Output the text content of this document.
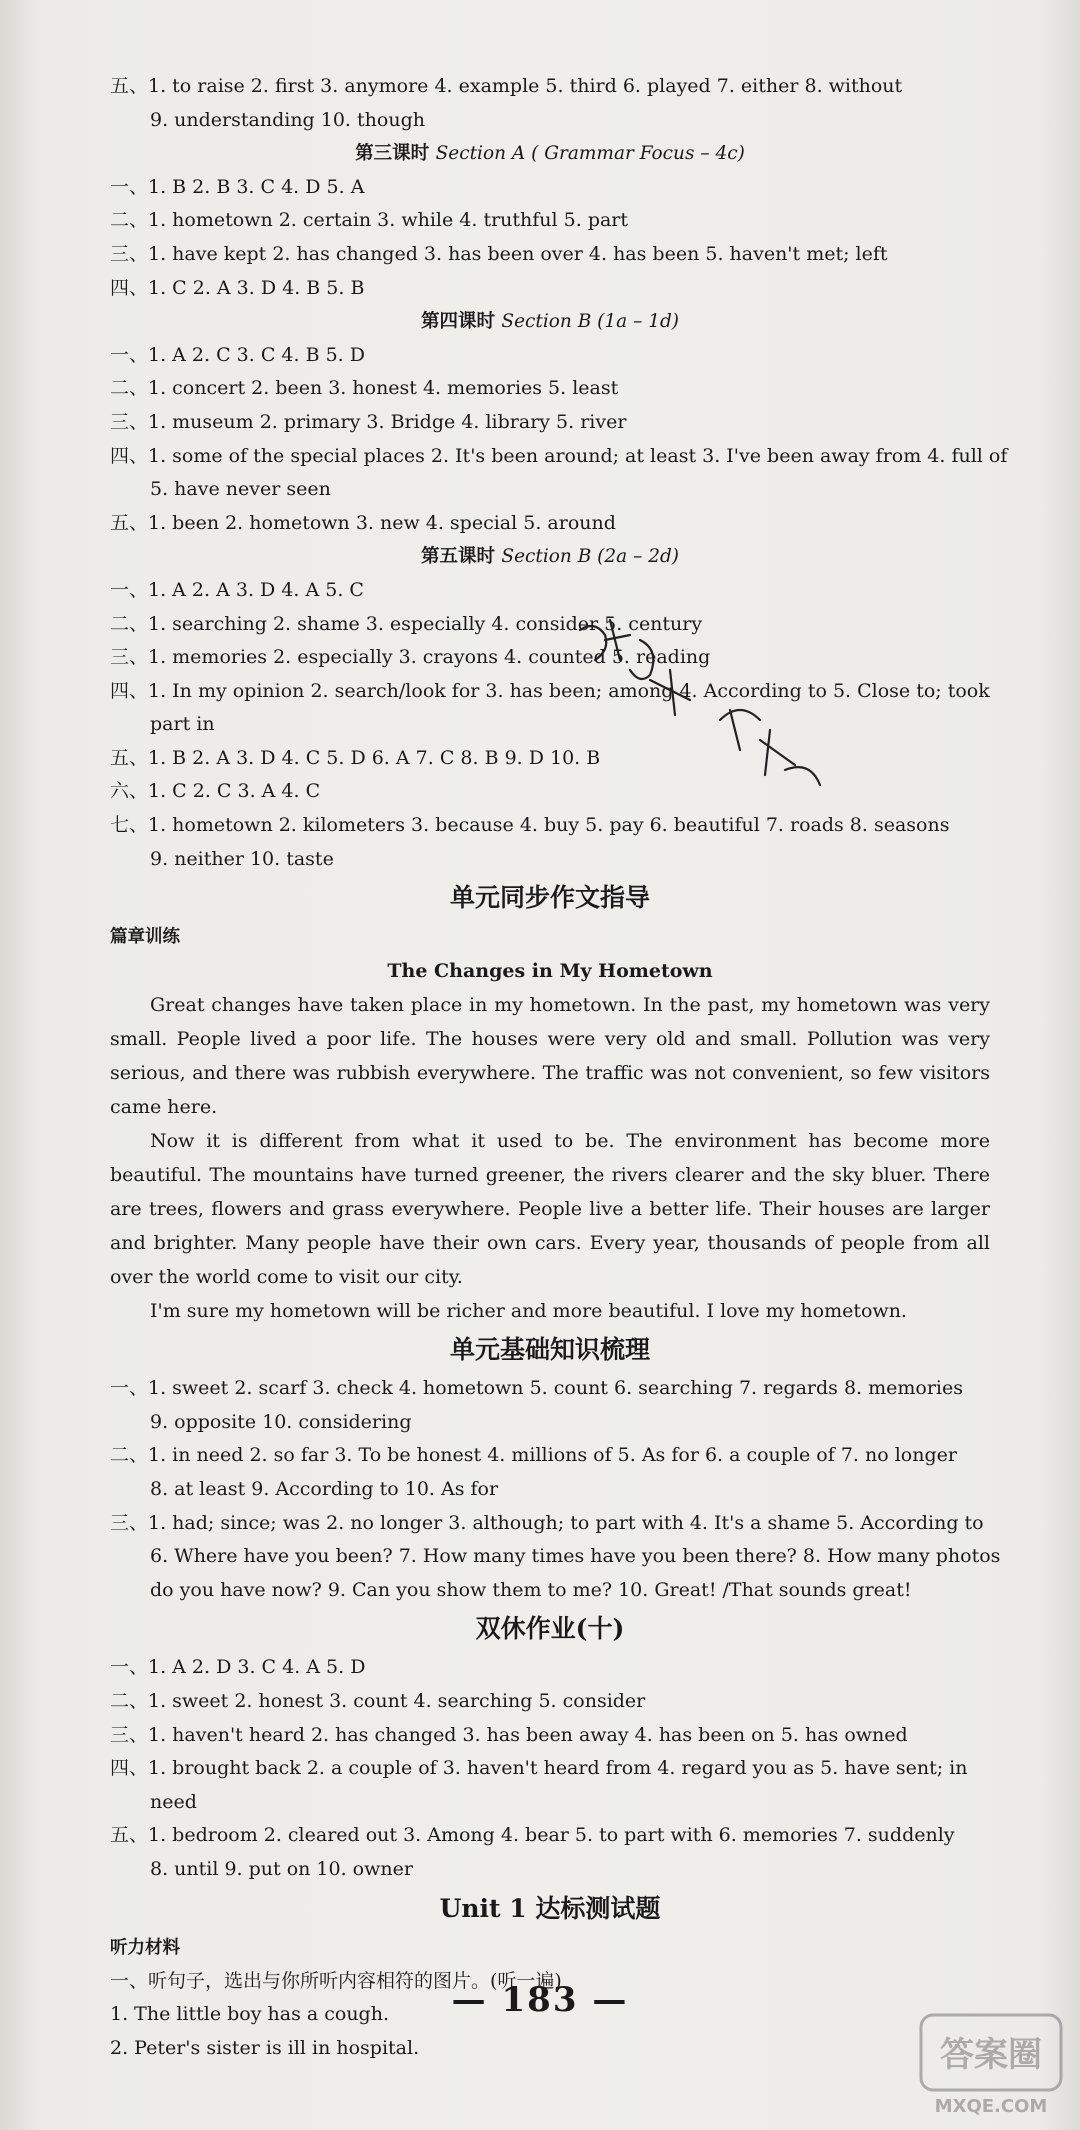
五、1. to raise 2. first 3. anymore 4. example 5. third 6. played 7. either 8. without
9. understanding 10. though
第三课时 Section A ( Grammar Focus – 4c)
一、1. B 2. B 3. C 4. D 5. A
二、1. hometown 2. certain 3. while 4. truthful 5. part
三、1. have kept 2. has changed 3. has been over 4. has been 5. haven't met; left
四、1. C 2. A 3. D 4. B 5. B
第四课时 Section B (1a – 1d)
一、1. A 2. C 3. C 4. B 5. D
二、1. concert 2. been 3. honest 4. memories 5. least
三、1. museum 2. primary 3. Bridge 4. library 5. river
四、1. some of the special places 2. It's been around; at least 3. I've been away from 4. full of
5. have never seen
五、1. been 2. hometown 3. new 4. special 5. around
第五课时 Section B (2a – 2d)
一、1. A 2. A 3. D 4. A 5. C
二、1. searching 2. shame 3. especially 4. consider 5. century
三、1. memories 2. especially 3. crayons 4. counted 5. reading
四、1. In my opinion 2. search/look for 3. has been; among 4. According to 5. Close to; took
part in
五、1. B 2. A 3. D 4. C 5. D 6. A 7. C 8. B 9. D 10. B
六、1. C 2. C 3. A 4. C
七、1. hometown 2. kilometers 3. because 4. buy 5. pay 6. beautiful 7. roads 8. seasons
9. neither 10. taste
单元同步作文指导
篇章训练
The Changes in My Hometown
Great changes have taken place in my hometown. In the past, my hometown was very small. People lived a poor life. The houses were very old and small. Pollution was very serious, and there was rubbish everywhere. The traffic was not convenient, so few visitors came here.
Now it is different from what it used to be. The environment has become more beautiful. The mountains have turned greener, the rivers clearer and the sky bluer. There are trees, flowers and grass everywhere. People live a better life. Their houses are larger and brighter. Many people have their own cars. Every year, thousands of people from all over the world come to visit our city.
I'm sure my hometown will be richer and more beautiful. I love my hometown.
单元基础知识梳理
一、1. sweet 2. scarf 3. check 4. hometown 5. count 6. searching 7. regards 8. memories
9. opposite 10. considering
二、1. in need 2. so far 3. To be honest 4. millions of 5. As for 6. a couple of 7. no longer
8. at least 9. According to 10. As for
三、1. had; since; was 2. no longer 3. although; to part with 4. It's a shame 5. According to
6. Where have you been? 7. How many times have you been there? 8. How many photos
do you have now? 9. Can you show them to me? 10. Great! /That sounds great!
双休作业(十)
一、1. A 2. D 3. C 4. A 5. D
二、1. sweet 2. honest 3. count 4. searching 5. consider
三、1. haven't heard 2. has changed 3. has been away 4. has been on 5. has owned
四、1. brought back 2. a couple of 3. haven't heard from 4. regard you as 5. have sent; in
need
五、1. bedroom 2. cleared out 3. Among 4. bear 5. to part with 6. memories 7. suddenly
8. until 9. put on 10. owner
Unit 1 达标测试题
听力材料
一、听句子，选出与你所听内容相符的图片。(听一遍)
1. The little boy has a cough.
2. Peter's sister is ill in hospital.
— 183 —
答案圈
MXQE.COM
